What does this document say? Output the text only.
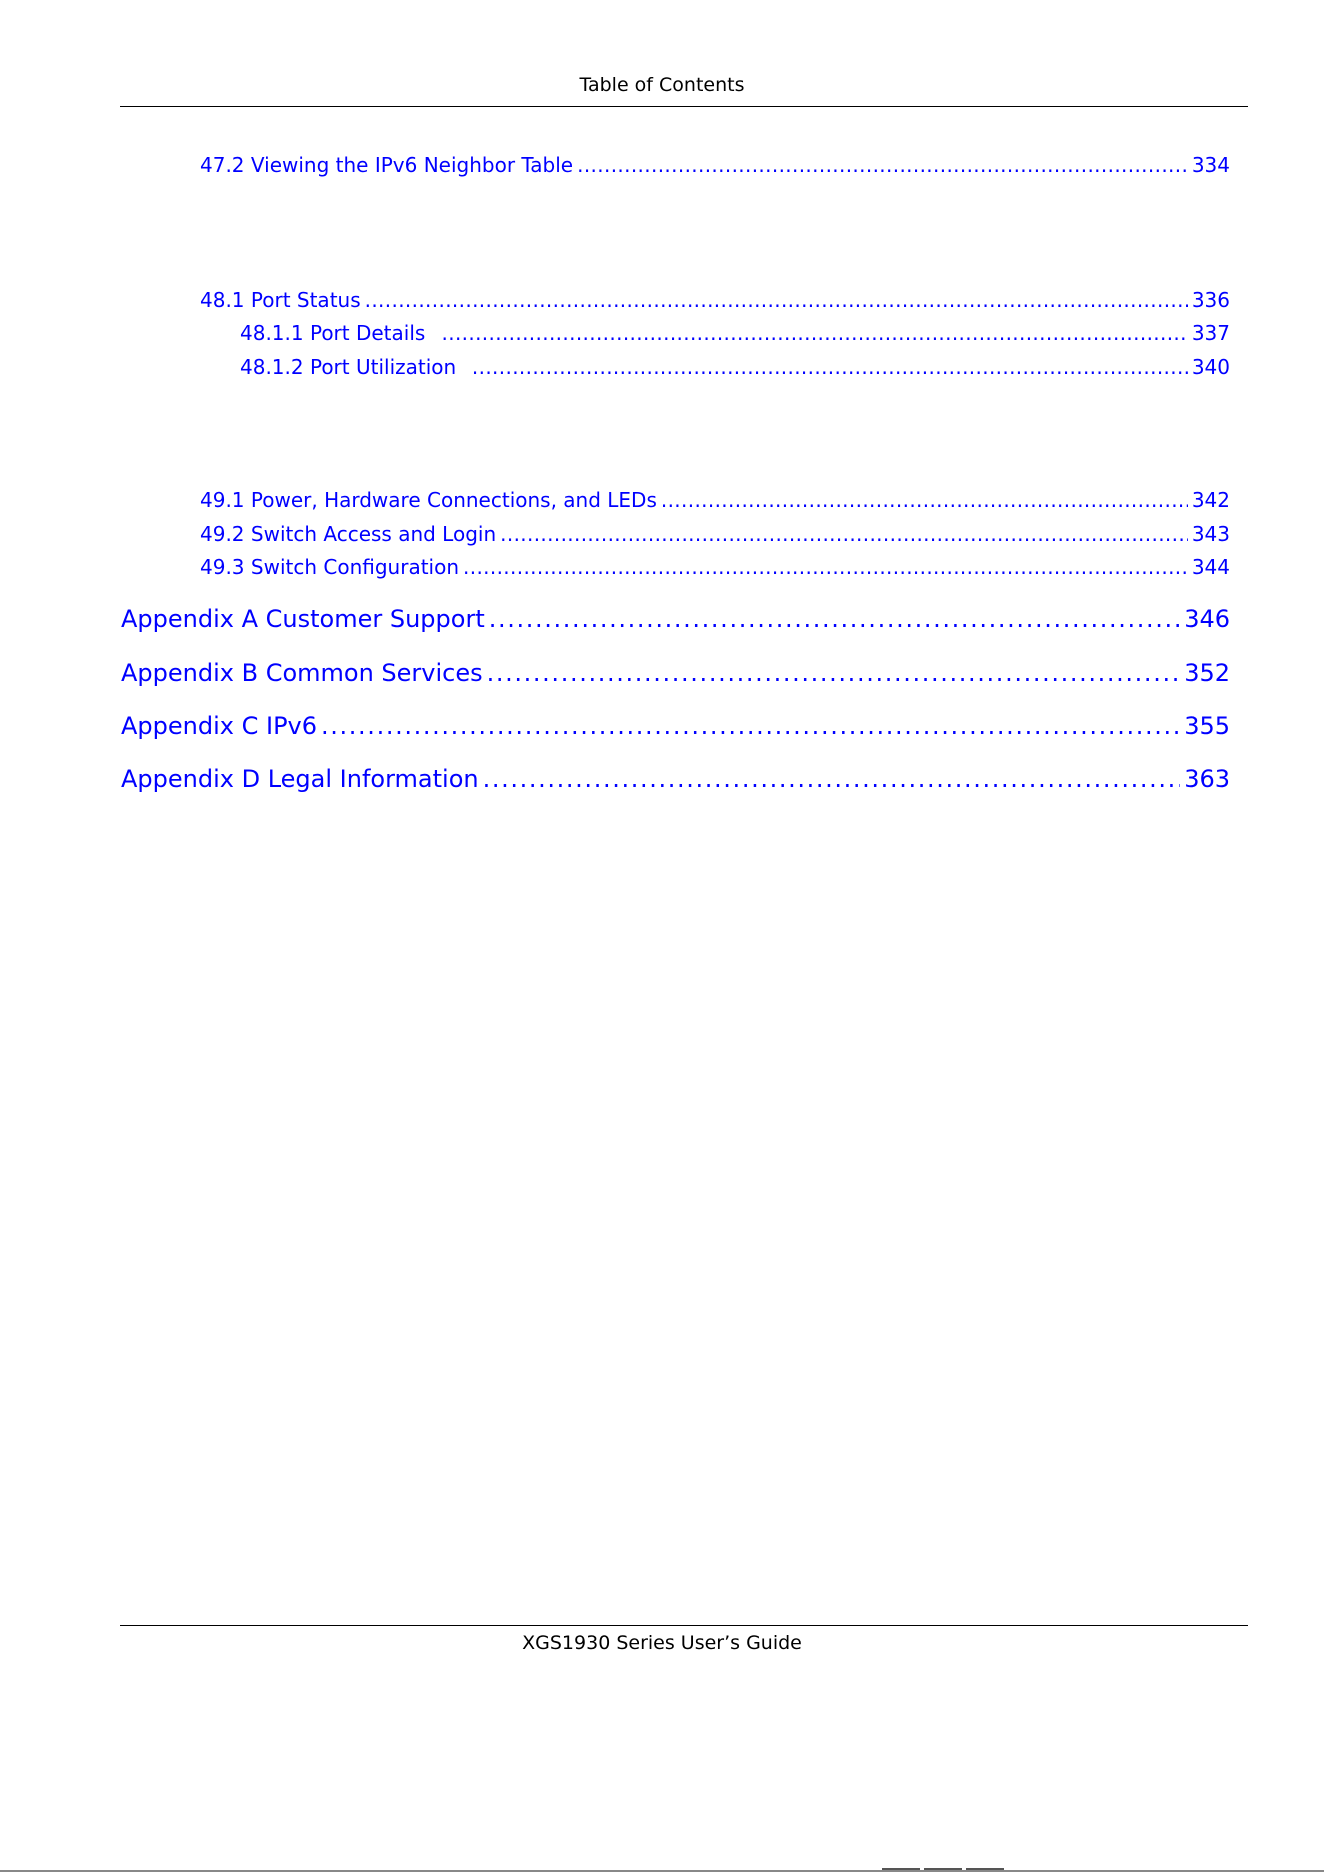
Table of Contents
47.2 Viewing the IPv6 Neighbor Table . . .	334
48.1 Port Status . . .	336
48.1.1 Port Details . . .	337
48.1.2 Port Utilization . . .	340
49.1 Power, Hardware Connections, and LEDs . . .	342
49.2 Switch Access and Login . . .	343
49.3 Switch Configuration . . .	344
Appendix A Customer Support . . .	346
Appendix B Common Services . . .	352
Appendix C IPv6 . . .	355
Appendix D Legal Information . . .	363
XGS1930 Series User’s Guide
